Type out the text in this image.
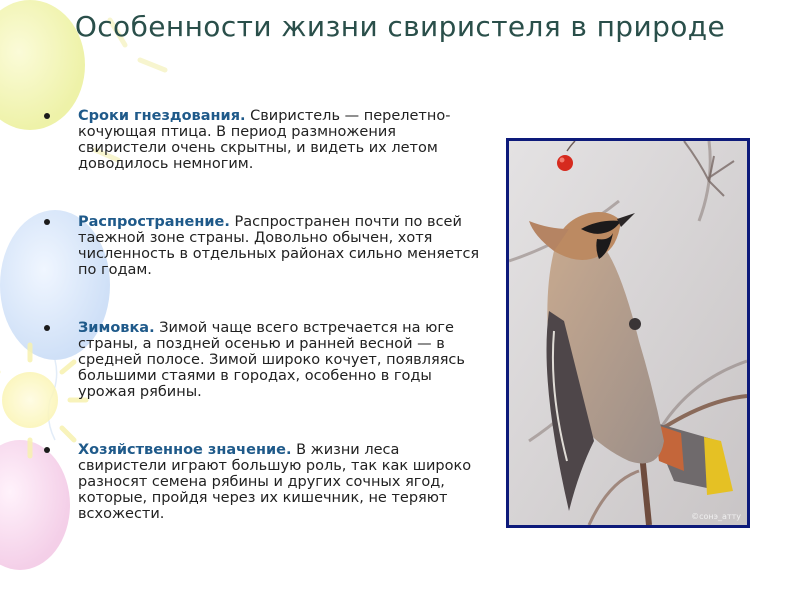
Особенности жизни свиристеля в природе
Сроки гнездования. Свиристель — перелетно-кочующая птица. В период размножения свиристели очень скрытны, и видеть их летом доводилось немногим.
Распространение. Распространен почти по всей таежной зоне страны. Довольно обычен, хотя численность в отдельных районах сильно меняется по годам.
Зимовка. Зимой чаще всего встречается на юге страны, а поздней осенью и ранней весной — в средней полосе. Зимой широко кочует, появляясь большими стаями в городах, особенно в годы урожая рябины.
Хозяйственное значение. В жизни леса свиристели играют большую роль, так как широко разносят семена рябины и других сочных ягод, которые, пройдя через их кишечник, не теряют всхожести.	©сонэ_атту
